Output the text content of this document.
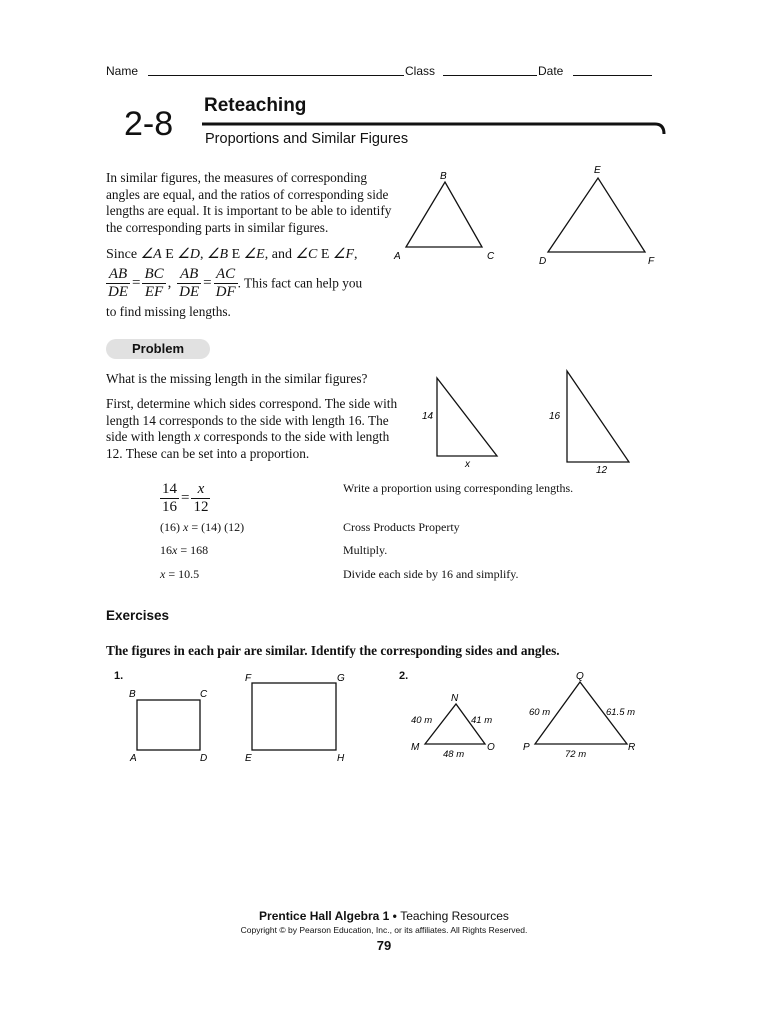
Name	Class	Date
2-8 Reteaching
Proportions and Similar Figures
In similar figures, the measures of corresponding angles are equal, and the ratios of corresponding side lengths are equal. It is important to be able to identify the corresponding parts in similar figures.
Since ∠A E ∠D, ∠B E ∠E, and ∠C E ∠F,
$\frac{AB}{DE} = \frac{BC}{EF}$ , $\frac{AB}{DE} = \frac{AC}{DF}$ . This fact can help you
to find missing lengths.
B
A	C
E
D	F
Problem
What is the missing length in the similar figures?
First, determine which sides correspond. The side with length 14 corresponds to the side with length 16. The side with length x corresponds to the side with length 12. These can be set into a proportion.
14
x
16
12
$\frac{14}{16} = \frac{x}{12}$	Write a proportion using corresponding lengths.
(16) x = (14) (12)	Cross Products Property
16x = 168	Multiply.
x = 10.5	Divide each side by 16 and simplify.
Exercises
The figures in each pair are similar. Identify the corresponding sides and angles.
1.
B	C
A	D
F	G
E	H
2.
N
M	O
40 m	41 m
48 m
Q
P	R
60 m	61.5 m
72 m
Prentice Hall Algebra 1 • Teaching Resources
Copyright © by Pearson Education, Inc., or its affiliates. All Rights Reserved.
79
